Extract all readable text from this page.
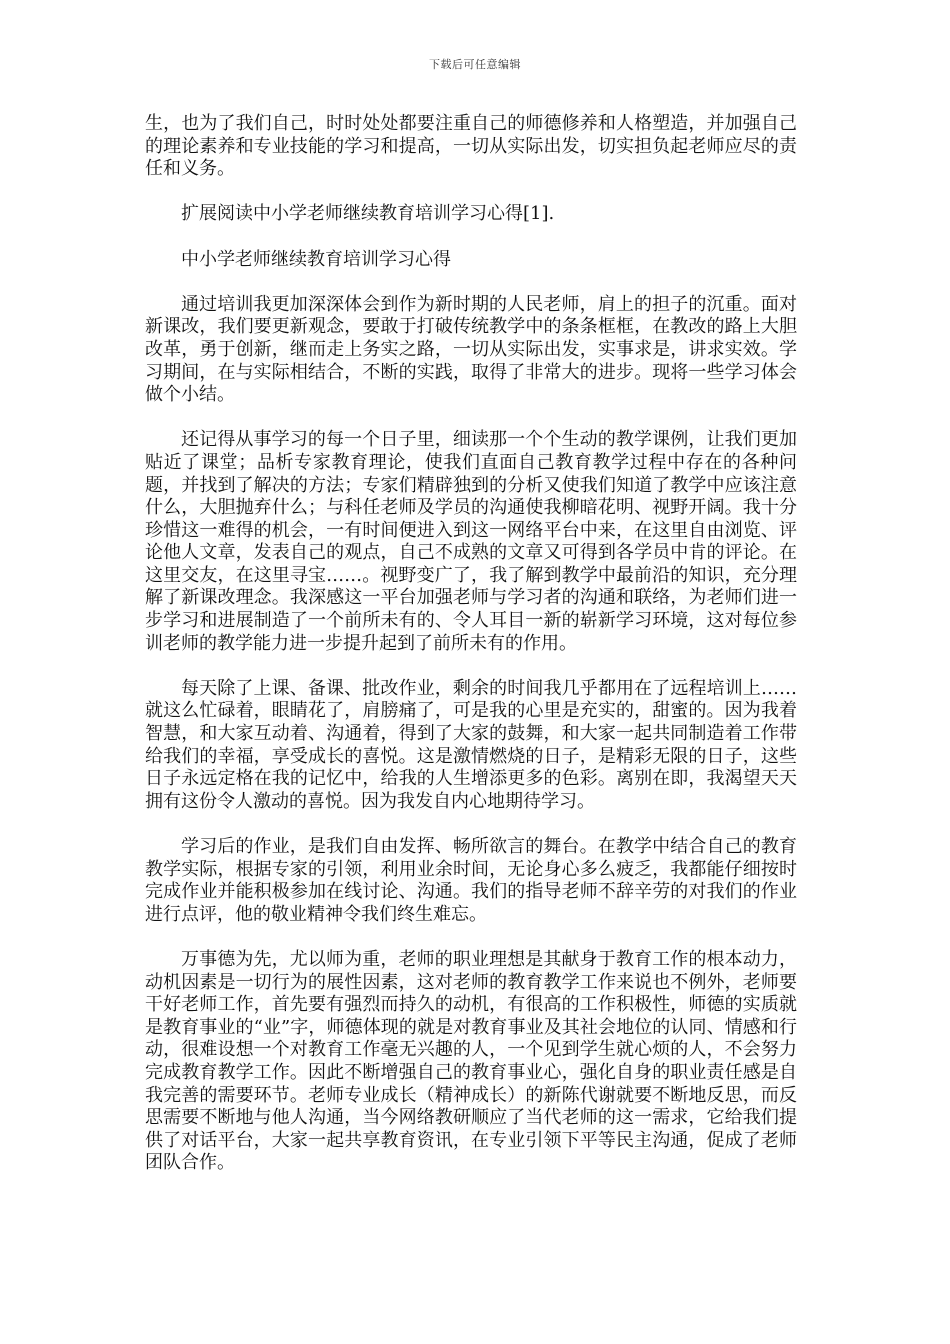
下载后可任意编辑

生，也为了我们自己，时时处处都要注重自己的师德修养和人格塑造，并加强自己的理论素养和专业技能的学习和提高，一切从实际出发，切实担负起老师应尽的责任和义务。

扩展阅读中小学老师继续教育培训学习心得[1].

中小学老师继续教育培训学习心得

通过培训我更加深深体会到作为新时期的人民老师，肩上的担子的沉重。面对新课改，我们要更新观念，要敢于打破传统教学中的条条框框，在教改的路上大胆改革，勇于创新，继而走上务实之路，一切从实际出发，实事求是，讲求实效。学习期间，在与实际相结合，不断的实践，取得了非常大的进步。现将一些学习体会做个小结。

还记得从事学习的每一个日子里，细读那一个个生动的教学课例，让我们更加贴近了课堂；品析专家教育理论，使我们直面自己教育教学过程中存在的各种问题，并找到了解决的方法；专家们精辟独到的分析又使我们知道了教学中应该注意什么，大胆抛弃什么；与科任老师及学员的沟通使我柳暗花明、视野开阔。我十分珍惜这一难得的机会，一有时间便进入到这一网络平台中来，在这里自由浏览、评论他人文章，发表自己的观点，自己不成熟的文章又可得到各学员中肯的评论。在这里交友，在这里寻宝……。视野变广了，我了解到教学中最前沿的知识，充分理解了新课改理念。我深感这一平台加强老师与学习者的沟通和联络，为老师们进一步学习和进展制造了一个前所未有的、令人耳目一新的崭新学习环境，这对每位参训老师的教学能力进一步提升起到了前所未有的作用。

每天除了上课、备课、批改作业，剩余的时间我几乎都用在了远程培训上……就这么忙碌着，眼睛花了，肩膀痛了，可是我的心里是充实的，甜蜜的。因为我着智慧，和大家互动着、沟通着，得到了大家的鼓舞，和大家一起共同制造着工作带给我们的幸福，享受成长的喜悦。这是激情燃烧的日子，是精彩无限的日子，这些日子永远定格在我的记忆中，给我的人生增添更多的色彩。离别在即，我渴望天天拥有这份令人激动的喜悦。因为我发自内心地期待学习。

学习后的作业，是我们自由发挥、畅所欲言的舞台。在教学中结合自己的教育教学实际，根据专家的引领，利用业余时间，无论身心多么疲乏，我都能仔细按时完成作业并能积极参加在线讨论、沟通。我们的指导老师不辞辛劳的对我们的作业进行点评，他的敬业精神令我们终生难忘。

万事德为先，尤以师为重，老师的职业理想是其献身于教育工作的根本动力，动机因素是一切行为的展性因素，这对老师的教育教学工作来说也不例外，老师要干好老师工作，首先要有强烈而持久的动机，有很高的工作积极性，师德的实质就是教育事业的“业”字，师德体现的就是对教育事业及其社会地位的认同、情感和行动，很难设想一个对教育工作毫无兴趣的人，一个见到学生就心烦的人，不会努力完成教育教学工作。因此不断增强自己的教育事业心，强化自身的职业责任感是自我完善的需要环节。老师专业成长（精神成长）的新陈代谢就要不断地反思，而反思需要不断地与他人沟通，当今网络教研顺应了当代老师的这一需求，它给我们提供了对话平台，大家一起共享教育资讯，在专业引领下平等民主沟通，促成了老师团队合作。
